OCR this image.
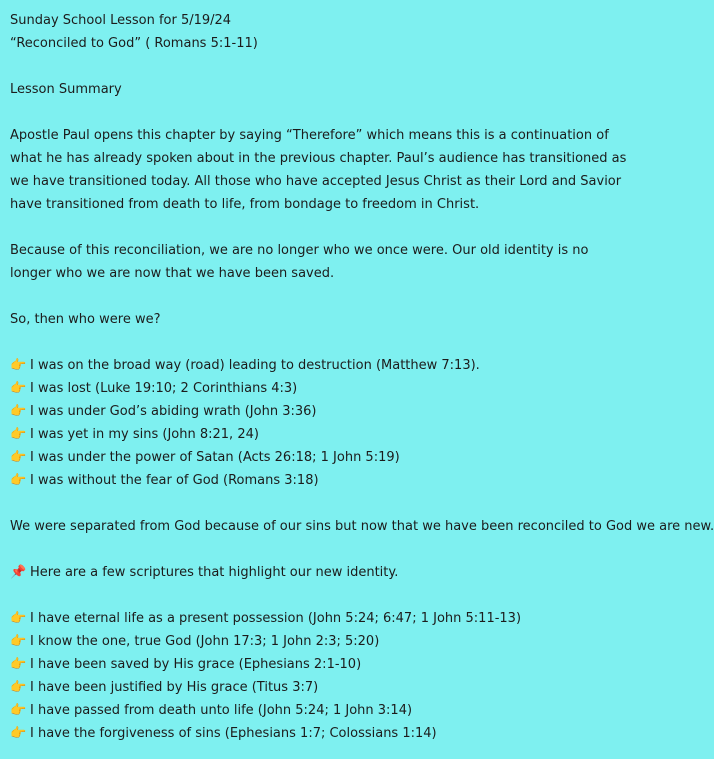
Sunday School Lesson for 5/19/24
“Reconciled to God” ( Romans 5:1-11)
Lesson Summary
Apostle Paul opens this chapter by saying “Therefore” which means this is a continuation of what he has already spoken about in the previous chapter. Paul’s audience has transitioned as we have transitioned today. All those who have accepted Jesus Christ as their Lord and Savior have transitioned from death to life, from bondage to freedom in Christ.
Because of this reconciliation, we are no longer who we once were. Our old identity is no longer who we are now that we have been saved.
So, then who were we?
👉 I was on the broad way (road) leading to destruction (Matthew 7:13).
👉 I was lost (Luke 19:10; 2 Corinthians 4:3)
👉 I was under God’s abiding wrath (John 3:36)
👉 I was yet in my sins (John 8:21, 24)
👉 I was under the power of Satan (Acts 26:18; 1 John 5:19)
👉 I was without the fear of God (Romans 3:18)
We were separated from God because of our sins but now that we have been reconciled to God we are new.
📌 Here are a few scriptures that highlight our new identity.
👉 I have eternal life as a present possession (John 5:24; 6:47; 1 John 5:11-13)
👉 I know the one, true God (John 17:3; 1 John 2:3; 5:20)
👉 I have been saved by His grace (Ephesians 2:1-10)
👉 I have been justified by His grace (Titus 3:7)
👉 I have passed from death unto life (John 5:24; 1 John 3:14)
👉 I have the forgiveness of sins (Ephesians 1:7; Colossians 1:14)
